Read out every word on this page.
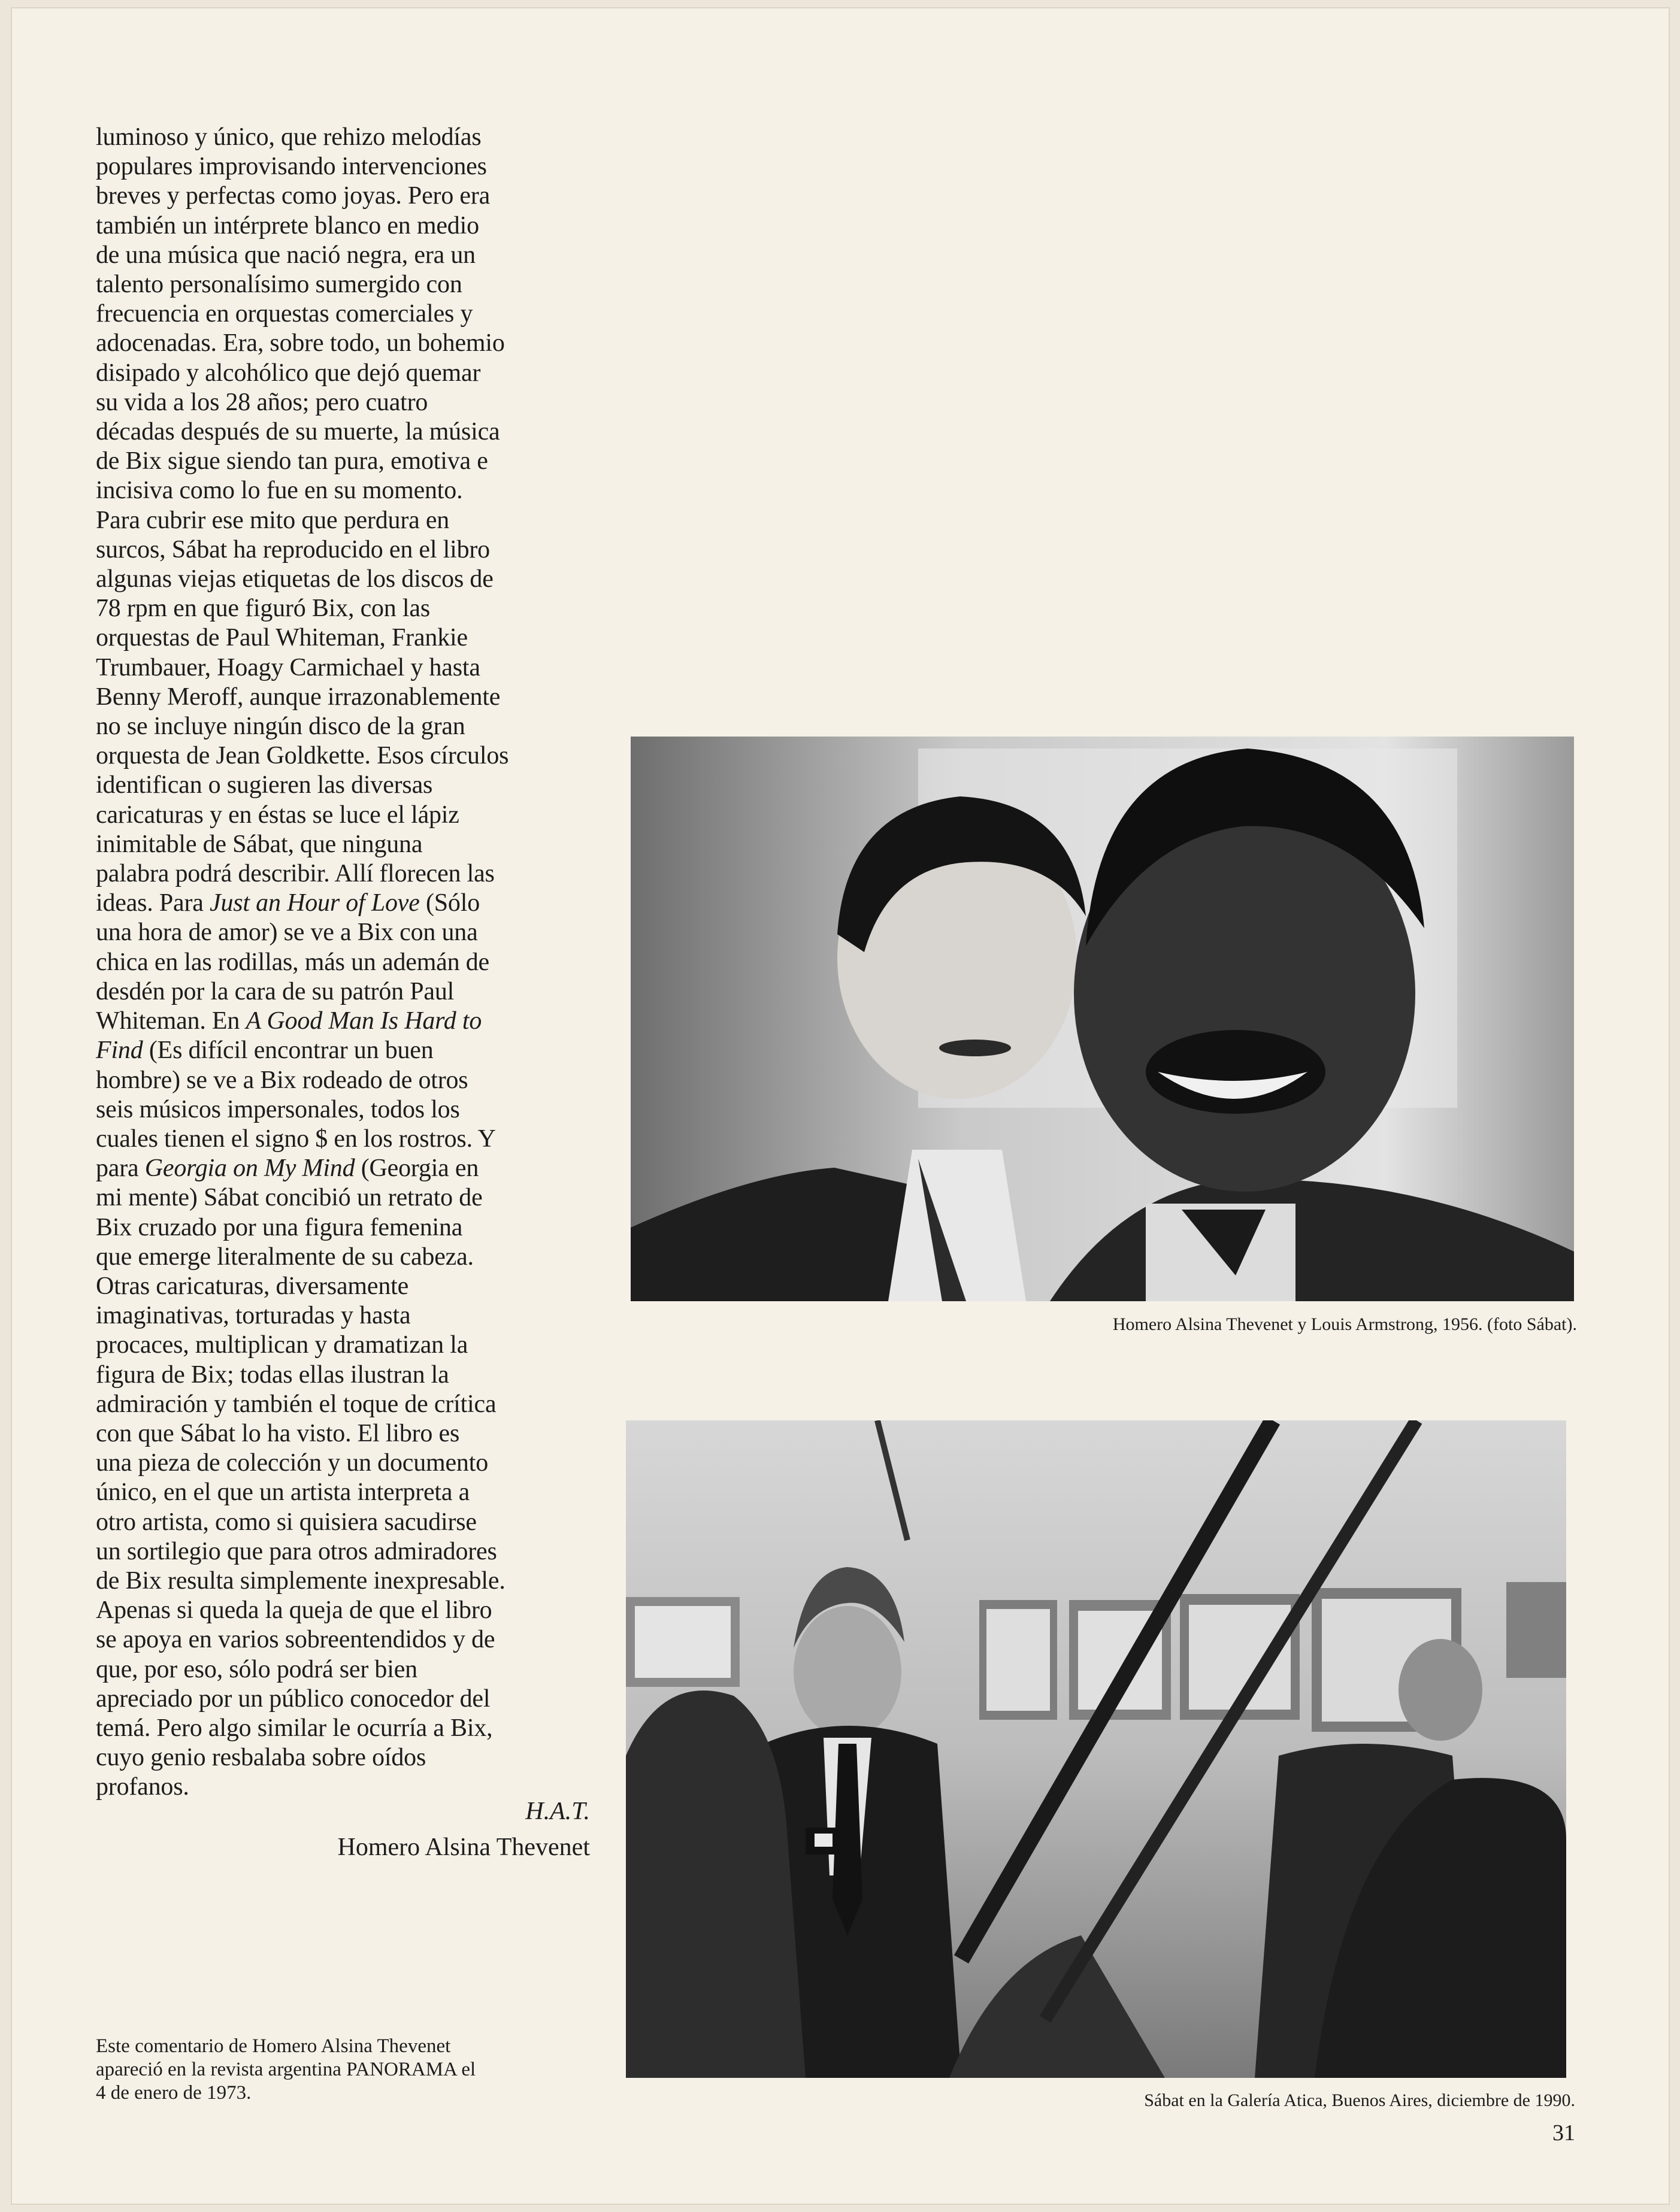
luminoso y único, que rehizo melodías
populares improvisando intervenciones
breves y perfectas como joyas. Pero era
también un intérprete blanco en medio
de una música que nació negra, era un
talento personalísimo sumergido con
frecuencia en orquestas comerciales y
adocenadas. Era, sobre todo, un bohemio
disipado y alcohólico que dejó quemar
su vida a los 28 años; pero cuatro
décadas después de su muerte, la música
de Bix sigue siendo tan pura, emotiva e
incisiva como lo fue en su momento.
Para cubrir ese mito que perdura en
surcos, Sábat ha reproducido en el libro
algunas viejas etiquetas de los discos de
78 rpm en que figuró Bix, con las
orquestas de Paul Whiteman, Frankie
Trumbauer, Hoagy Carmichael y hasta
Benny Meroff, aunque irrazonablemente
no se incluye ningún disco de la gran
orquesta de Jean Goldkette. Esos círculos
identifican o sugieren las diversas
caricaturas y en éstas se luce el lápiz
inimitable de Sábat, que ninguna
palabra podrá describir. Allí florecen las
ideas. Para Just an Hour of Love (Sólo
una hora de amor) se ve a Bix con una
chica en las rodillas, más un ademán de
desdén por la cara de su patrón Paul
Whiteman. En A Good Man Is Hard to
Find (Es difícil encontrar un buen
hombre) se ve a Bix rodeado de otros
seis músicos impersonales, todos los
cuales tienen el signo $ en los rostros. Y
para Georgia on My Mind (Georgia en
mi mente) Sábat concibió un retrato de
Bix cruzado por una figura femenina
que emerge literalmente de su cabeza.
Otras caricaturas, diversamente
imaginativas, torturadas y hasta
procaces, multiplican y dramatizan la
figura de Bix; todas ellas ilustran la
admiración y también el toque de crítica
con que Sábat lo ha visto. El libro es
una pieza de colección y un documento
único, en el que un artista interpreta a
otro artista, como si quisiera sacudirse
un sortilegio que para otros admiradores
de Bix resulta simplemente inexpresable.
Apenas si queda la queja de que el libro
se apoya en varios sobreentendidos y de
que, por eso, sólo podrá ser bien
apreciado por un público conocedor del
temá. Pero algo similar le ocurría a Bix,
cuyo genio resbalaba sobre oídos
profanos.
H.A.T.
Homero Alsina Thevenet
Este comentario de Homero Alsina Thevenet
apareció en la revista argentina PANORAMA el
4 de enero de 1973.
Homero Alsina Thevenet y Louis Armstrong, 1956. (foto Sábat).
Sábat en la Galería Atica, Buenos Aires, diciembre de 1990.
31
